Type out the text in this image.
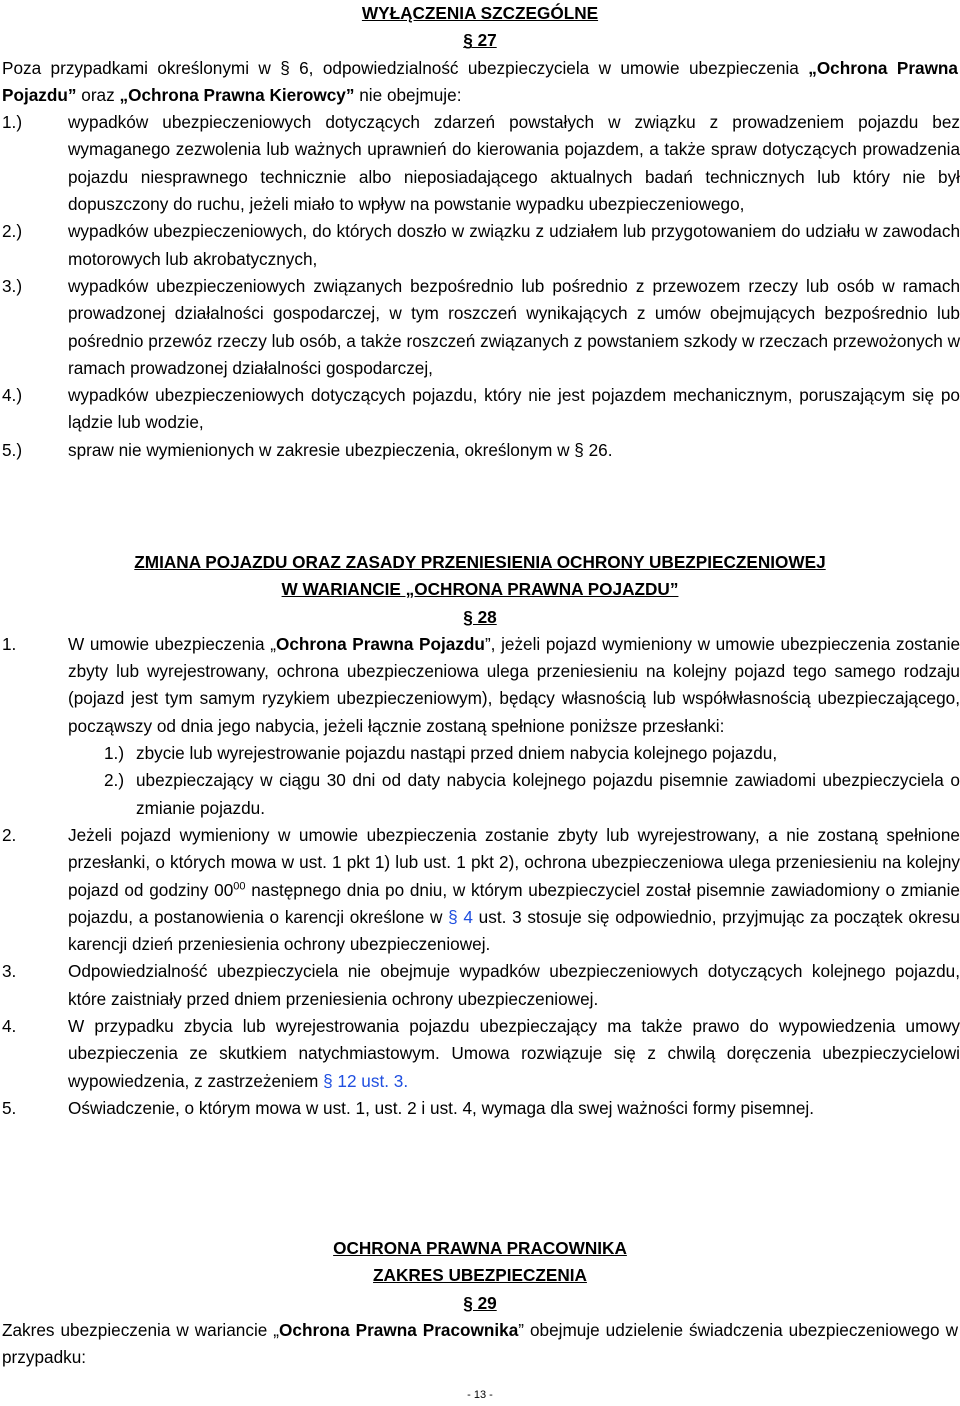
WYŁĄCZENIA SZCZEGÓLNE
§ 27
Poza przypadkami określonymi w § 6, odpowiedzialność ubezpieczyciela w umowie ubezpieczenia „Ochrona Prawna Pojazdu” oraz „Ochrona Prawna Kierowcy” nie obejmuje:
1.)	wypadków ubezpieczeniowych dotyczących zdarzeń powstałych w związku z prowadzeniem pojazdu bez wymaganego zezwolenia lub ważnych uprawnień do kierowania pojazdem, a także spraw dotyczących prowadzenia pojazdu niesprawnego technicznie albo nieposiadającego aktualnych badań technicznych lub który nie był dopuszczony do ruchu, jeżeli miało to wpływ na powstanie wypadku ubezpieczeniowego,
2.)	wypadków ubezpieczeniowych, do których doszło w związku z udziałem lub przygotowaniem do udziału w zawodach motorowych lub akrobatycznych,
3.)	wypadków ubezpieczeniowych związanych bezpośrednio lub pośrednio z przewozem rzeczy lub osób w ramach prowadzonej działalności gospodarczej, w tym roszczeń wynikających z umów obejmujących bezpośrednio lub pośrednio przewóz rzeczy lub osób, a także roszczeń związanych z powstaniem szkody w rzeczach przewożonych w ramach prowadzonej działalności gospodarczej,
4.)	wypadków ubezpieczeniowych dotyczących pojazdu, który nie jest pojazdem mechanicznym, poruszającym się po lądzie lub wodzie,
5.)	spraw nie wymienionych w zakresie ubezpieczenia, określonym w § 26.
ZMIANA POJAZDU ORAZ ZASADY PRZENIESIENIA OCHRONY UBEZPIECZENIOWEJ
W WARIANCIE „OCHRONA PRAWNA POJAZDU”
§ 28
1.	W umowie ubezpieczenia „Ochrona Prawna Pojazdu”, jeżeli pojazd wymieniony w umowie ubezpieczenia zostanie zbyty lub wyrejestrowany, ochrona ubezpieczeniowa ulega przeniesieniu na kolejny pojazd tego samego rodzaju (pojazd jest tym samym ryzykiem ubezpieczeniowym), będący własnością lub współwłasnością ubezpieczającego, począwszy od dnia jego nabycia, jeżeli łącznie zostaną spełnione poniższe przesłanki:
1.) zbycie lub wyrejestrowanie pojazdu nastąpi przed dniem nabycia kolejnego pojazdu,
2.) ubezpieczający w ciągu 30 dni od daty nabycia kolejnego pojazdu pisemnie zawiadomi ubezpieczyciela o zmianie pojazdu.
2.	Jeżeli pojazd wymieniony w umowie ubezpieczenia zostanie zbyty lub wyrejestrowany, a nie zostaną spełnione przesłanki, o których mowa w ust. 1 pkt 1) lub ust. 1 pkt 2), ochrona ubezpieczeniowa ulega przeniesieniu na kolejny pojazd od godziny $00^{00}$ następnego dnia po dniu, w którym ubezpieczyciel został pisemnie zawiadomiony o zmianie pojazdu, a postanowienia o karencji określone w § 4 ust. 3 stosuje się odpowiednio, przyjmując za początek okresu karencji dzień przeniesienia ochrony ubezpieczeniowej.
3.	Odpowiedzialność ubezpieczyciela nie obejmuje wypadków ubezpieczeniowych dotyczących kolejnego pojazdu, które zaistniały przed dniem przeniesienia ochrony ubezpieczeniowej.
4.	W przypadku zbycia lub wyrejestrowania pojazdu ubezpieczający ma także prawo do wypowiedzenia umowy ubezpieczenia ze skutkiem natychmiastowym. Umowa rozwiązuje się z chwilą doręczenia ubezpieczycielowi wypowiedzenia, z zastrzeżeniem § 12 ust. 3.
5.	Oświadczenie, o którym mowa w ust. 1, ust. 2 i ust. 4, wymaga dla swej ważności formy pisemnej.
OCHRONA PRAWNA PRACOWNIKA
ZAKRES UBEZPIECZENIA
§ 29
Zakres ubezpieczenia w wariancie „Ochrona Prawna Pracownika” obejmuje udzielenie świadczenia ubezpieczeniowego w przypadku:
- 13 -
